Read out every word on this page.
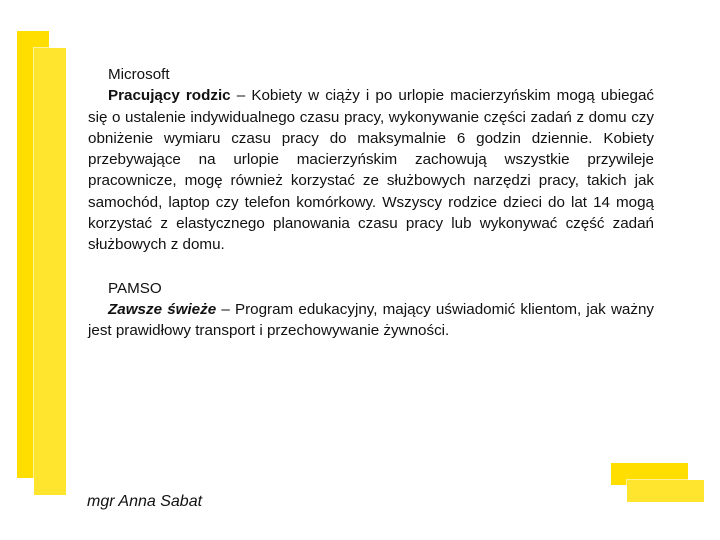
Microsoft

Pracujący rodzic – Kobiety w ciąży i po urlopie macierzyńskim mogą ubiegać się o ustalenie indywidualnego czasu pracy, wykonywanie części zadań z domu czy obniżenie wymiaru czasu pracy do maksymalnie 6 godzin dziennie. Kobiety przebywające na urlopie macierzyńskim zachowują wszystkie przywileje pracownicze, mogę również korzystać ze służbowych narzędzi pracy, takich jak samochód, laptop czy telefon komórkowy. Wszyscy rodzice dzieci do lat 14 mogą korzystać z elastycznego planowania czasu pracy lub wykonywać część zadań służbowych z domu.

PAMSO

Zawsze świeże – Program edukacyjny, mający uświadomić klientom, jak ważny jest prawidłowy transport i przechowywanie żywności.

mgr Anna Sabat
